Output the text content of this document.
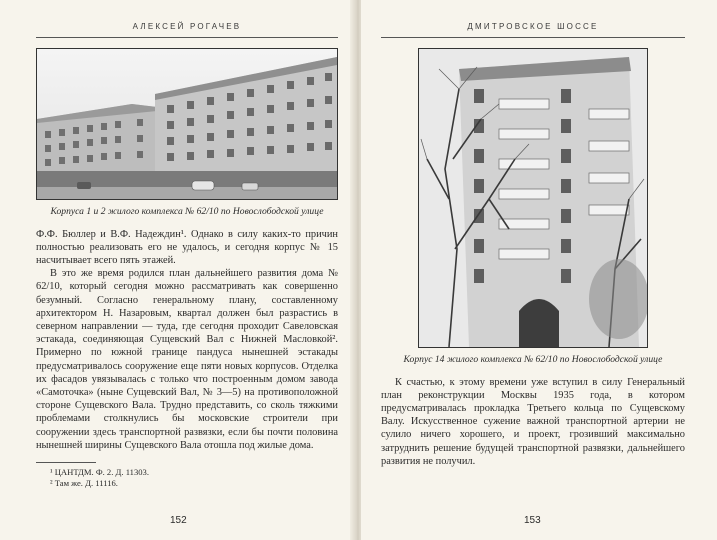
АЛЕКСЕЙ РОГАЧЕВ
Корпуса 1 и 2 жилого комплекса № 62/10 по Новослободской улице

Ф.Ф. Бюллер и В.Ф. Надеждин¹. Однако в силу каких-то причин полностью реализовать его не удалось, и сегодня корпус № 15 насчитывает всего пять этажей.

В это же время родился план дальнейшего развития дома № 62/10, который сегодня можно рассматривать как совершенно безумный. Согласно генеральному плану, составленному архитектором Н. Назаровым, квартал должен был разрастись в северном направлении — туда, где сегодня проходит Савеловская эстакада, соединяющая Сущевский Вал с Нижней Масловкой². Примерно по южной границе пандуса нынешней эстакады предусматривалось сооружение еще пяти новых корпусов. Отделка их фасадов увязывалась с только что построенным домом завода «Самоточка» (ныне Сущевский Вал, № 3—5) на противоположной стороне Сущевского Вала. Трудно представить, со сколь тяжкими проблемами столкнулись бы московские строители при сооружении здесь транспортной развязки, если бы почти половина нынешней ширины Сущевского Вала отошла под жилые дома.

¹ ЦАНТДМ. Ф. 2. Д. 11303.
² Там же. Д. 11116.
152
ДМИТРОВСКОЕ ШОССЕ
Корпус 14 жилого комплекса № 62/10 по Новослободской улице

К счастью, к этому времени уже вступил в силу Генеральный план реконструкции Москвы 1935 года, в котором предусматривалась прокладка Третьего кольца по Сущевскому Валу. Искусственное сужение важной транспортной артерии не сулило ничего хорошего, и проект, грозивший максимально затруднить решение будущей транспортной развязки, дальнейшего развития не получил.

153
